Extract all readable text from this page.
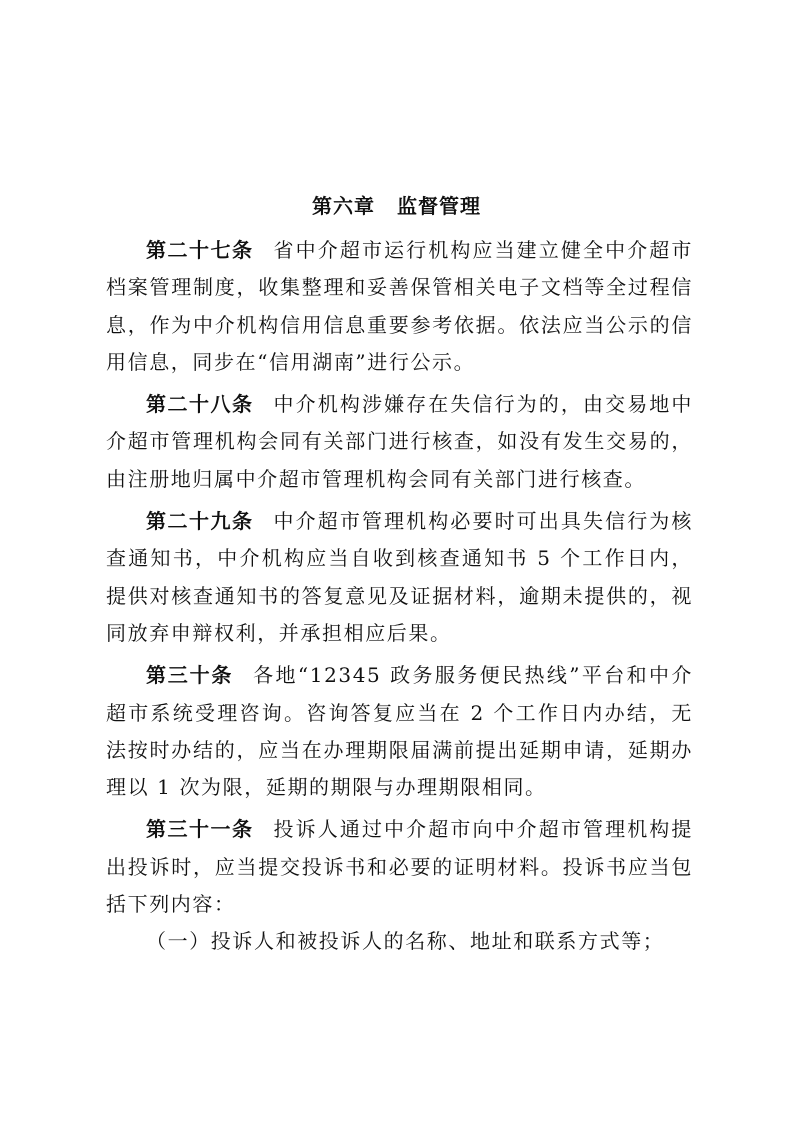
第六章 监督管理

第二十七条 省中介超市运行机构应当建立健全中介超市档案管理制度，收集整理和妥善保管相关电子文档等全过程信息，作为中介机构信用信息重要参考依据。依法应当公示的信用信息，同步在“信用湖南”进行公示。

第二十八条 中介机构涉嫌存在失信行为的，由交易地中介超市管理机构会同有关部门进行核查，如没有发生交易的，由注册地归属中介超市管理机构会同有关部门进行核查。

第二十九条 中介超市管理机构必要时可出具失信行为核查通知书，中介机构应当自收到核查通知书 5 个工作日内，提供对核查通知书的答复意见及证据材料，逾期未提供的，视同放弃申辩权利，并承担相应后果。

第三十条 各地“12345 政务服务便民热线”平台和中介超市系统受理咨询。咨询答复应当在 2 个工作日内办结，无法按时办结的，应当在办理期限届满前提出延期申请，延期办理以 1 次为限，延期的期限与办理期限相同。

第三十一条 投诉人通过中介超市向中介超市管理机构提出投诉时，应当提交投诉书和必要的证明材料。投诉书应当包括下列内容：

（一）投诉人和被投诉人的名称、地址和联系方式等；
